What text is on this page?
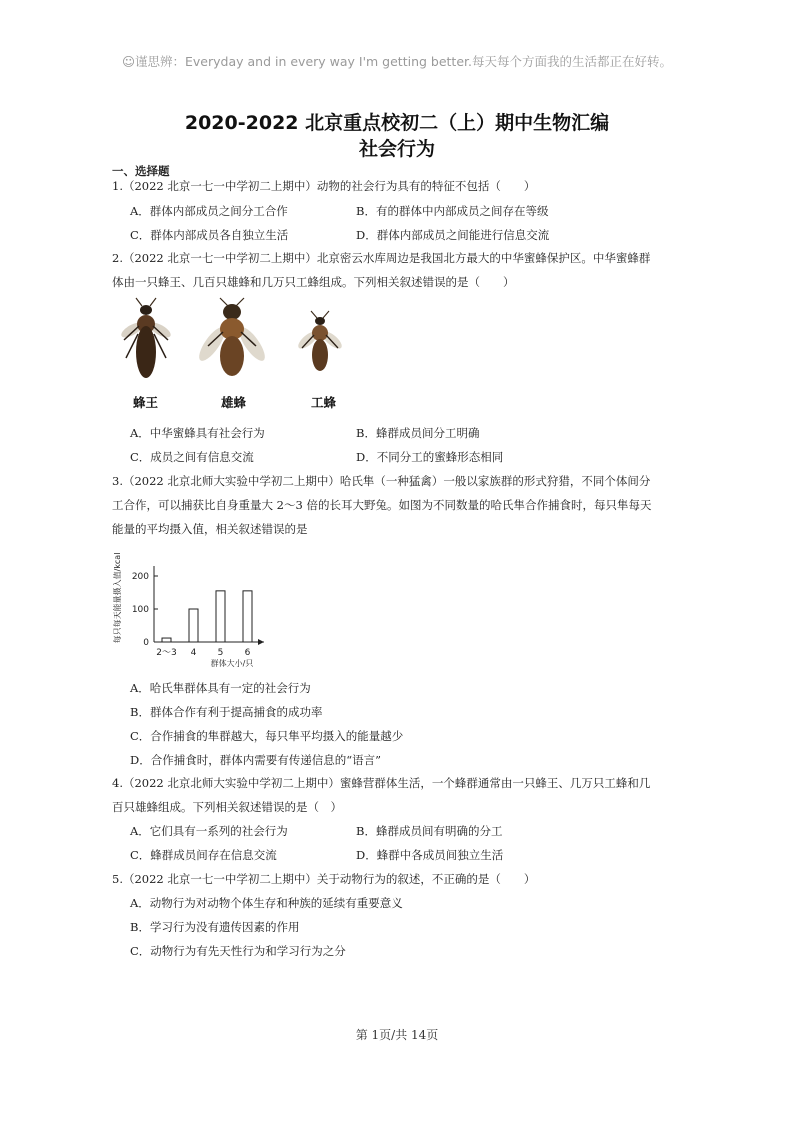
☺谨思辨：Everyday and in every way I'm getting better.每天每个方面我的生活都正在好转。
2020-2022 北京重点校初二（上）期中生物汇编
社会行为
一、选择题
1.（2022 北京一七一中学初二上期中）动物的社会行为具有的特征不包括（　　）
A．群体内部成员之间分工合作	B．有的群体中内部成员之间存在等级
C．群体内部成员各自独立生活	D．群体内部成员之间能进行信息交流
2.（2022 北京一七一中学初二上期中）北京密云水库周边是我国北方最大的中华蜜蜂保护区。中华蜜蜂群
体由一只蜂王、几百只雄蜂和几万只工蜂组成。下列相关叙述错误的是（　　）
蜂王	雄蜂	工蜂
A．中华蜜蜂具有社会行为	B．蜂群成员间分工明确
C．成员之间有信息交流	D．不同分工的蜜蜂形态相同
3.（2022 北京北师大实验中学初二上期中）哈氏隼（一种猛禽）一般以家族群的形式狩猎，不同个体间分
工合作，可以捕获比自身重量大 2～3 倍的长耳大野兔。如图为不同数量的哈氏隼合作捕食时，每只隼每天
能量的平均摄入值，相关叙述错误的是
0
100
200
2～3 4 5 6
群体大小/只
每只每天能量摄入值/kcal
A．哈氏隼群体具有一定的社会行为
B．群体合作有利于提高捕食的成功率
C．合作捕食的隼群越大，每只隼平均摄入的能量越少
D．合作捕食时，群体内需要有传递信息的“语言”
4.（2022 北京北师大实验中学初二上期中）蜜蜂营群体生活，一个蜂群通常由一只蜂王、几万只工蜂和几
百只雄蜂组成。下列相关叙述错误的是（　）
A．它们具有一系列的社会行为	B．蜂群成员间有明确的分工
C．蜂群成员间存在信息交流	D．蜂群中各成员间独立生活
5.（2022 北京一七一中学初二上期中）关于动物行为的叙述，不正确的是（　　）
A．动物行为对动物个体生存和种族的延续有重要意义
B．学习行为没有遗传因素的作用
C．动物行为有先天性行为和学习行为之分
第 1页/共 14页
